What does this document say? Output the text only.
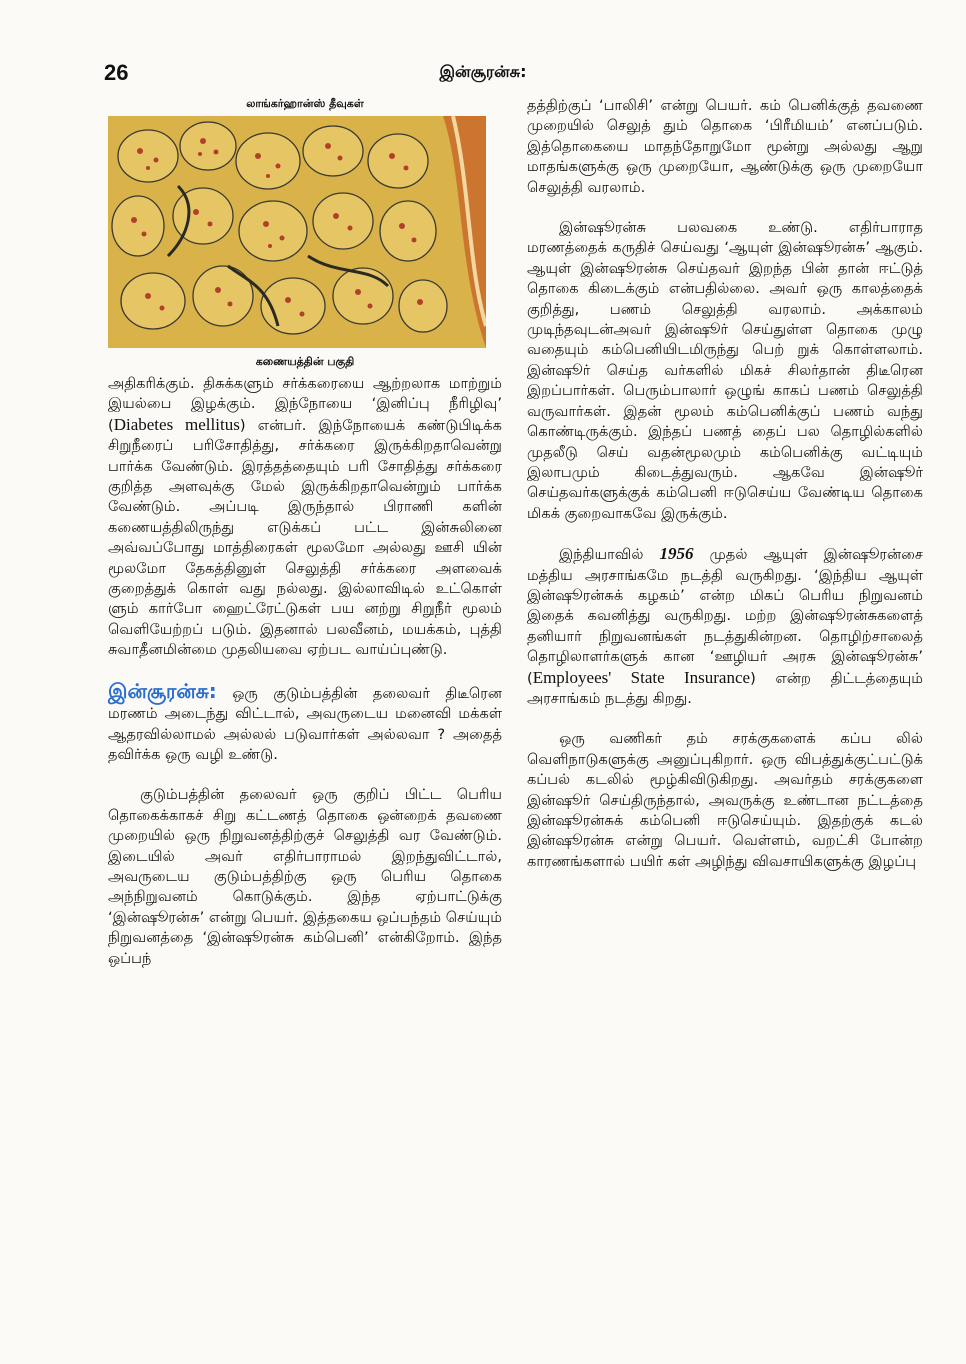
26	இன்சூரன்சு:
லாங்கர்ஹான்ஸ் தீவுகள்
கணையத்தின் பகுதி

அதிகரிக்கும். திசுக்களும் சர்க்கரையை ஆற்றலாக மாற்றும் இயல்பை இழக்கும். இந்நோயை ‘இனிப்பு நீரிழிவு’ (Diabetes mellitus) என்பர். இந்நோயைக் கண்டுபிடிக்க சிறுநீரைப் பரிசோதித்து, சர்க்கரை இருக்கிறதாவென்று பார்க்க வேண்டும். இரத்தத்தையும் பரி சோதித்து சர்க்கரை குறித்த அளவுக்கு மேல் இருக்கிறதாவென்றும் பார்க்க வேண்டும். அப்படி இருந்தால் பிராணி களின் கணையத்திலிருந்து எடுக்கப் பட்ட இன்சுலினை அவ்வப்போது மாத்திரைகள் மூலமோ அல்லது ஊசி யின் மூலமோ தேகத்தினுள் செலுத்தி சர்க்கரை அளவைக் குறைத்துக் கொள் வது நல்லது. இல்லாவிடில் உட்கொள் ளும் கார்போ ஹைட்ரேட்டுகள் பய னற்று சிறுநீர் மூலம் வெளியேற்றப் படும். இதனால் பலவீனம், மயக்கம், புத்தி சுவாதீனமின்மை முதலியவை ஏற்பட வாய்ப்புண்டு.

இன்சூரன்சு: ஒரு குடும்பத்தின் தலைவர் திடீரென மரணம் அடைந்து விட்டால், அவருடைய மனைவி மக்கள் ஆதரவில்லாமல் அல்லல் படுவார்கள் அல்லவா ? அதைத் தவிர்க்க ஒரு வழி உண்டு.

குடும்பத்தின் தலைவர் ஒரு குறிப் பிட்ட பெரிய தொகைக்காகச் சிறு கட்டணத் தொகை ஒன்றைக் தவணை முறையில் ஒரு நிறுவனத்திற்குச் செலுத்தி வர வேண்டும். இடையில் அவர் எதிர்பாராமல் இறந்துவிட்டால், அவருடைய குடும்பத்திற்கு ஒரு பெரிய தொகை அந்நிறுவனம் கொடுக்கும். இந்த ஏற்பாட்டுக்கு ‘இன்ஷூரன்சு’ என்று பெயர். இத்தகைய ஒப்பந்தம் செய்யும் நிறுவனத்தை ‘இன்ஷூரன்சு கம்பெனி’ என்கிறோம். இந்த ஒப்பந்

தத்திற்குப் ‘பாலிசி’ என்று பெயர். கம் பெனிக்குத் தவணை முறையில் செலுத் தும் தொகை ‘பிரீமியம்’ எனப்படும். இத்தொகையை மாதந்தோறுமோ மூன்று அல்லது ஆறு மாதங்களுக்கு ஒரு முறையோ, ஆண்டுக்கு ஒரு முறையோ செலுத்தி வரலாம்.

இன்ஷூரன்சு பலவகை உண்டு. எதிர்பாராத மரணத்தைக் கருதிச் செய்வது ‘ஆயுள் இன்ஷூரன்சு’ ஆகும். ஆயுள் இன்ஷூரன்சு செய்தவர் இறந்த பின் தான் ஈட்டுத் தொகை கிடைக்கும் என்பதில்லை. அவர் ஒரு காலத்தைக் குறித்து, பணம் செலுத்தி வரலாம். அக்காலம் முடிந்தவுடன்அவர் இன்ஷூர் செய்துள்ள தொகை முழு வதையும் கம்பெனியிடமிருந்து பெற் றுக் கொள்ளலாம். இன்ஷூர் செய்த வர்களில் மிகச் சிலர்தான் திடீரென இறப்பார்கள். பெரும்பாலார் ஒழுங் காகப் பணம் செலுத்தி வருவார்கள். இதன் மூலம் கம்பெனிக்குப் பணம் வந்து கொண்டிருக்கும். இந்தப் பணத் தைப் பல தொழில்களில் முதலீடு செய் வதன்மூலமும் கம்பெனிக்கு வட்டியும் இலாபமும் கிடைத்துவரும். ஆகவே இன்ஷூர் செய்தவர்களுக்குக் கம்பெனி ஈடுசெய்ய வேண்டிய தொகை மிகக் குறைவாகவே இருக்கும்.

இந்தியாவில் 1956 முதல் ஆயுள் இன்ஷூரன்சை மத்திய அரசாங்கமே நடத்தி வருகிறது. ‘இந்திய ஆயுள் இன்ஷூரன்சுக் கழகம்’ என்ற மிகப் பெரிய நிறுவனம் இதைக் கவனித்து வருகிறது. மற்ற இன்ஷூரன்சுகளைத் தனியார் நிறுவனங்கள் நடத்துகின்றன. தொழிற்சாலைத் தொழிலாளர்களுக் கான ‘ஊழியர் அரசு இன்ஷூரன்சு’ (Employees' State Insurance) என்ற திட்டத்தையும் அரசாங்கம் நடத்து கிறது.

ஒரு வணிகர் தம் சரக்குகளைக் கப்ப லில் வெளிநாடுகளுக்கு அனுப்புகிறார். ஒரு விபத்துக்குட்பட்டுக் கப்பல் கடலில் மூழ்கிவிடுகிறது. அவர்தம் சரக்குகளை இன்ஷூர் செய்திருந்தால், அவருக்கு உண்டான நட்டத்தை இன்ஷூரன்சுக் கம்பெனி ஈடுசெய்யும். இதற்குக் கடல் இன்ஷூரன்சு என்று பெயர். வெள்ளம், வறட்சி போன்ற காரணங்களால் பயிர் கள் அழிந்து விவசாயிகளுக்கு இழப்பு
